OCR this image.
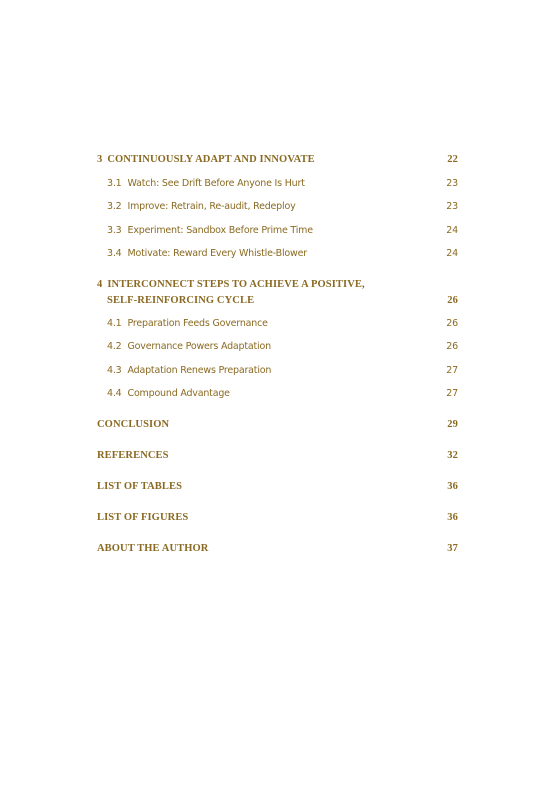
3 CONTINUOUSLY ADAPT AND INNOVATE	22
3.1 Watch: See Drift Before Anyone Is Hurt	23
3.2 Improve: Retrain, Re-audit, Redeploy	23
3.3 Experiment: Sandbox Before Prime Time	24
3.4 Motivate: Reward Every Whistle-Blower	24
4 INTERCONNECT STEPS TO ACHIEVE A POSITIVE,
SELF-REINFORCING CYCLE	26
4.1 Preparation Feeds Governance	26
4.2 Governance Powers Adaptation	26
4.3 Adaptation Renews Preparation	27
4.4 Compound Advantage	27
CONCLUSION	29
REFERENCES	32
LIST OF TABLES	36
LIST OF FIGURES	36
ABOUT THE AUTHOR	37
